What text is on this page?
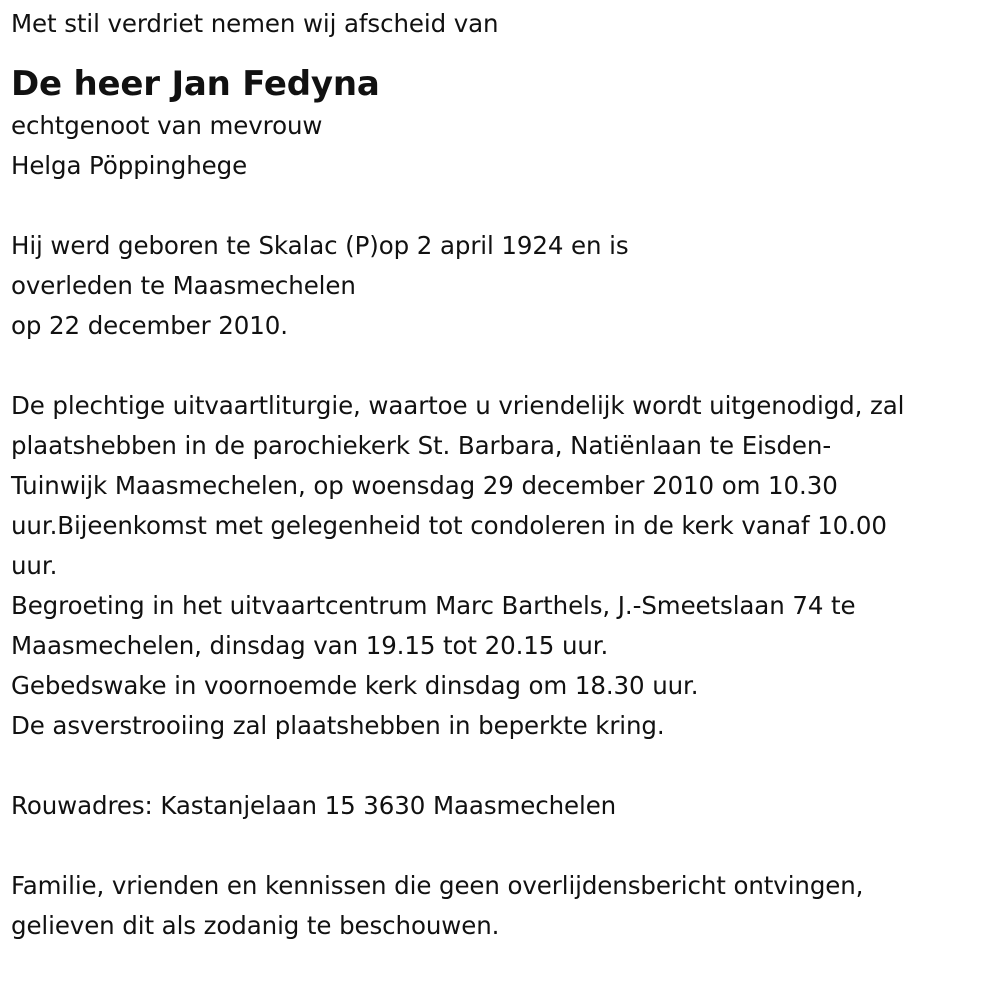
Met stil verdriet nemen wij afscheid van
De heer Jan Fedyna
echtgenoot van mevrouw
Helga Pöppinghege
Hij werd geboren te Skalac (P)op 2 april 1924 en is
overleden te Maasmechelen
op 22 december 2010.
De plechtige uitvaartliturgie, waartoe u vriendelijk wordt uitgenodigd, zal
plaatshebben in de parochiekerk St. Barbara, Natiënlaan te Eisden-
Tuinwijk Maasmechelen, op woensdag 29 december 2010 om 10.30
uur.Bijeenkomst met gelegenheid tot condoleren in de kerk vanaf 10.00
uur.
Begroeting in het uitvaartcentrum Marc Barthels, J.-Smeetslaan 74 te
Maasmechelen, dinsdag van 19.15 tot 20.15 uur.
Gebedswake in voornoemde kerk dinsdag om 18.30 uur.
De asverstrooiing zal plaatshebben in beperkte kring.
Rouwadres: Kastanjelaan 15 3630 Maasmechelen
Familie, vrienden en kennissen die geen overlijdensbericht ontvingen,
gelieven dit als zodanig te beschouwen.
